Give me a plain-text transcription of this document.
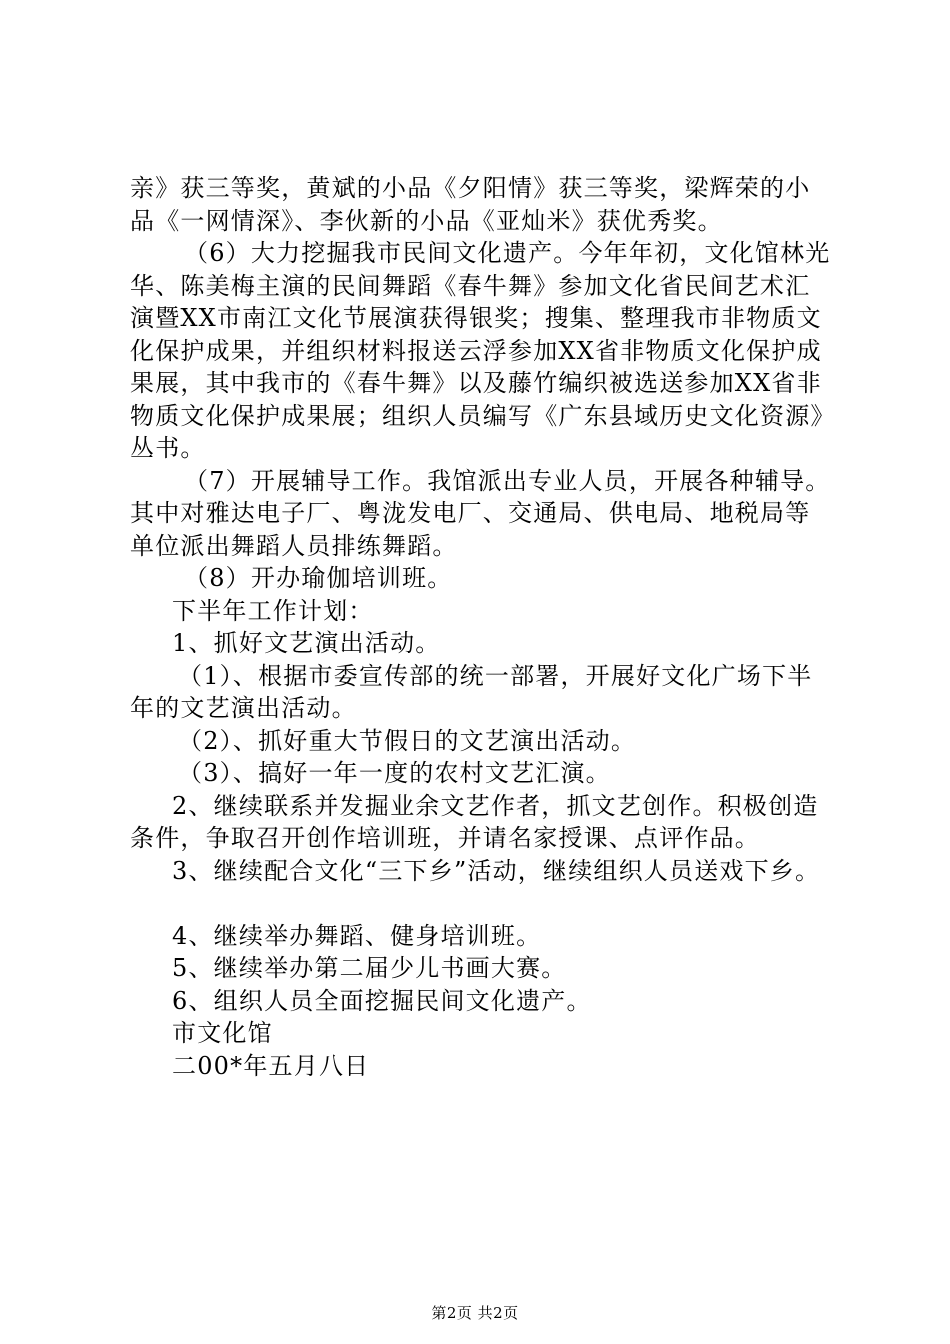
亲》获三等奖，黄斌的小品《夕阳情》获三等奖，梁辉荣的小品《一网情深》、李伙新的小品《亚灿米》获优秀奖。

（6）大力挖掘我市民间文化遗产。今年年初，文化馆林光华、陈美梅主演的民间舞蹈《春牛舞》参加文化省民间艺术汇演暨XX市南江文化节展演获得银奖；搜集、整理我市非物质文化保护成果，并组织材料报送云浮参加XX省非物质文化保护成果展，其中我市的《春牛舞》以及藤竹编织被选送参加XX省非物质文化保护成果展；组织人员编写《广东县域历史文化资源》丛书。

（7）开展辅导工作。我馆派出专业人员，开展各种辅导。其中对雅达电子厂、粤泷发电厂、交通局、供电局、地税局等单位派出舞蹈人员排练舞蹈。

（8）开办瑜伽培训班。

下半年工作计划：

1、抓好文艺演出活动。

（1）、根据市委宣传部的统一部署，开展好文化广场下半年的文艺演出活动。

（2）、抓好重大节假日的文艺演出活动。

（3）、搞好一年一度的农村文艺汇演。

2、继续联系并发掘业余文艺作者，抓文艺创作。积极创造条件，争取召开创作培训班，并请名家授课、点评作品。

3、继续配合文化“三下乡”活动，继续组织人员送戏下乡。

4、继续举办舞蹈、健身培训班。

5、继续举办第二届少儿书画大赛。

6、组织人员全面挖掘民间文化遗产。

市文化馆

二00*年五月八日

第2页 共2页
